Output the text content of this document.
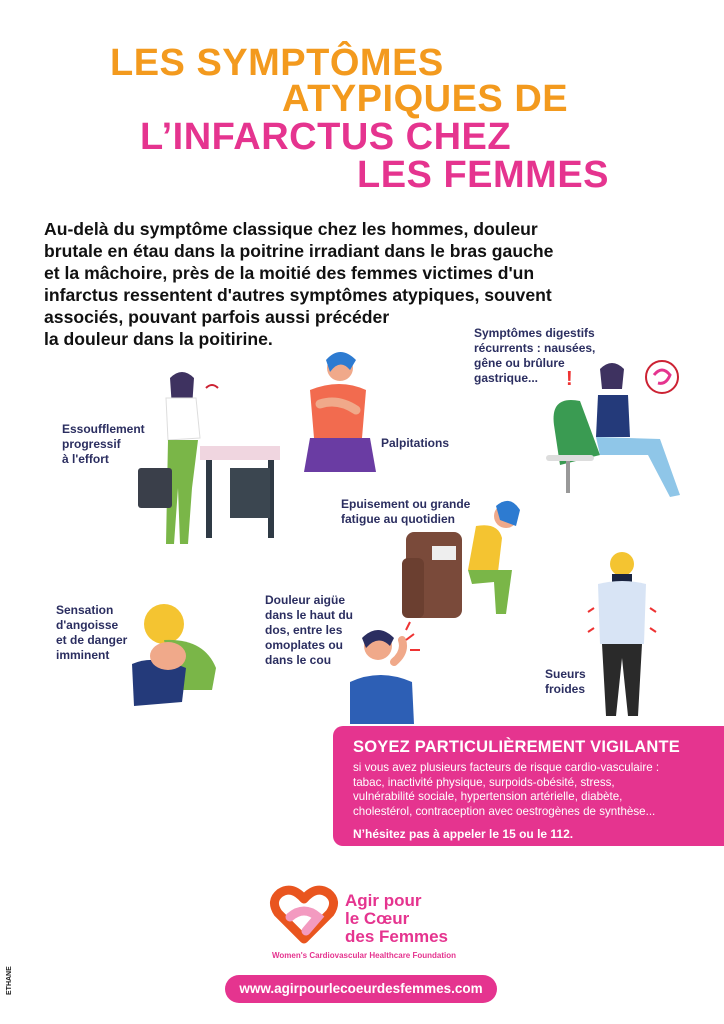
LES SYMPTÔMES
ATYPIQUES DE
L’INFARCTUS CHEZ
LES FEMMES
Au-delà du symptôme classique chez les hommes, douleur
brutale en étau dans la poitrine irradiant dans le bras gauche
et la mâchoire, près de la moitié des femmes victimes d'un
infarctus ressentent d'autres symptômes atypiques, souvent
associés, pouvant parfois aussi précéder
la douleur dans la poitirine.
!
Symptômes digestifs
récurrents : nausées,
gêne ou brûlure
gastrique...
Essoufflement
progressif
à l'effort
Palpitations
Epuisement ou grande
fatigue au quotidien
Sensation
d'angoisse
et de danger
imminent
Douleur aigüe
dans le haut du
dos, entre les
omoplates ou
dans le cou
Sueurs
froides
SOYEZ PARTICULIÈREMENT VIGILANTE
si vous avez plusieurs facteurs de risque cardio-vasculaire :
tabac, inactivité physique, surpoids-obésité, stress,
vulnérabilité sociale, hypertension artérielle, diabète,
cholestérol, contraception avec oestrogènes de synthèse...
N’hésitez pas à appeler le 15 ou le 112.
Agir pour
le Cœur
des Femmes
Women's Cardiovascular Healthcare Foundation
www.agirpourlecoeurdesfemmes.com
ETHANE
